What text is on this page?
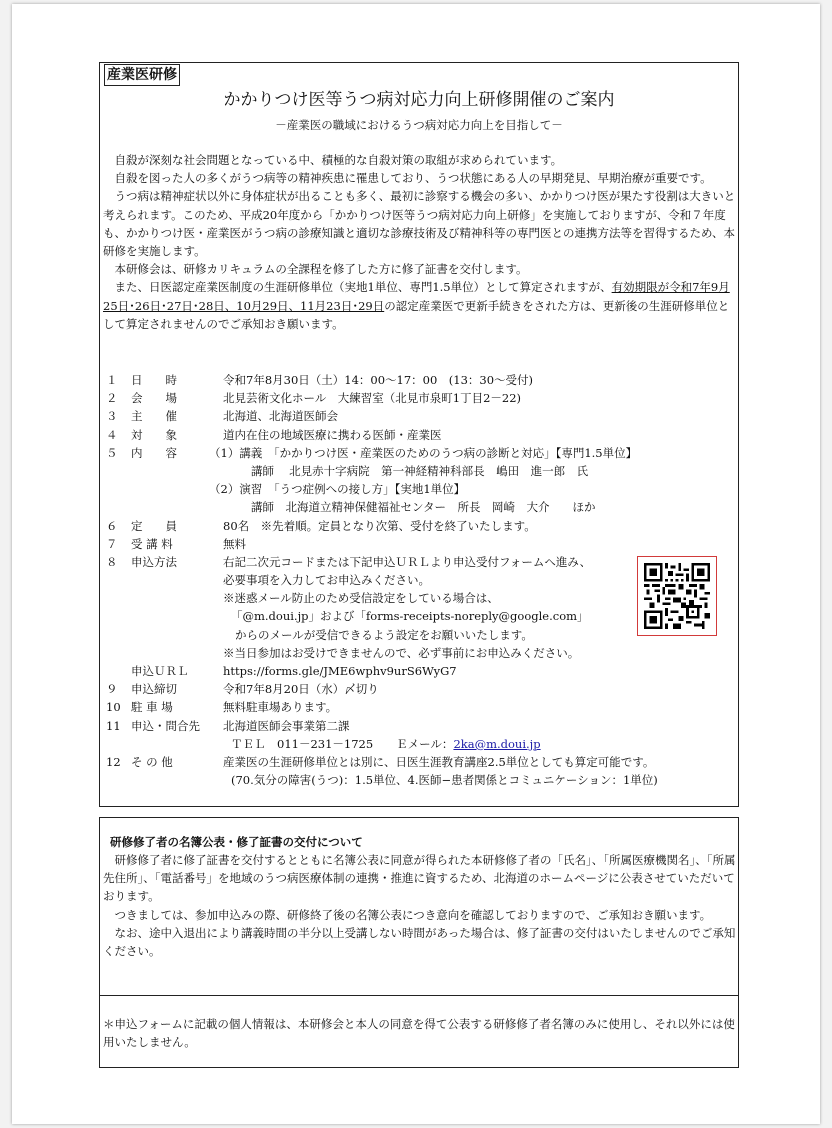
産業医研修
かかりつけ医等うつ病対応力向上研修開催のご案内
－産業医の職域におけるうつ病対応力向上を目指して－

自殺が深刻な社会問題となっている中、積極的な自殺対策の取組が求められています。

自殺を図った人の多くがうつ病等の精神疾患に罹患しており、うつ状態にある人の早期発見、早期治療が重要です。

うつ病は精神症状以外に身体症状が出ることも多く、最初に診察する機会の多い、かかりつけ医が果たす役割は大きいと考えられます。このため、平成20年度から「かかりつけ医等うつ病対応力向上研修」を実施しておりますが、令和７年度も、かかりつけ医・産業医がうつ病の診療知識と適切な診療技術及び精神科等の専門医との連携方法等を習得するため、本研修を実施します。

本研修会は、研修カリキュラムの全課程を修了した方に修了証書を交付します。

また、日医認定産業医制度の生涯研修単位（実地1単位、専門1.5単位）として算定されますが、有効期限が令和7年9月25日･26日･27日･28日、10月29日、11月23日･29日の認定産業医で更新手続きをされた方は、更新後の生涯研修単位として算定されませんのでご承知おき願います。

１ 日　　時	令和7年8月30日（土）14：00～17：00　(13：30～受付)
２ 会　　場	北見芸術文化ホール　大練習室（北見市泉町1丁目2－22)
３ 主　　催	北海道、北海道医師会
４ 対　　象	道内在住の地域医療に携わる医師・産業医
５ 内　　容	（1）講義　「かかりつけ医・産業医のためのうつ病の診断と対応」【専門1.5単位】
講師　 北見赤十字病院　第一神経精神科部長　嶋田　進一郎　氏
（2）演習　「うつ症例への接し方」【実地1単位】
講師　北海道立精神保健福祉センター　所長　岡崎　大介　　ほか
６ 定　　員	80名　※先着順。定員となり次第、受付を終了いたします。
７ 受 講 料	無料
８ 申込方法	右記二次元コードまたは下記申込ＵＲＬより申込受付フォームへ進み、
必要事項を入力してお申込みください。
※迷惑メール防止のため受信設定をしている場合は、
「@m.doui.jp」および「forms-receipts-noreply@google.com」
からのメールが受信できるよう設定をお願いいたします。
※当日参加はお受けできませんので、必ず事前にお申込みください。
申込ＵＲＬ	https://forms.gle/JME6wphv9urS6WyG7
９ 申込締切	令和7年8月20日（水）〆切り
10 駐 車 場	無料駐車場あります。
11 申込・問合先 北海道医師会事業第二課
ＴＥＬ　011－231－1725　　Ｅメール：2ka@m.doui.jp
12 そ の 他	産業医の生涯研修単位とは別に、日医生涯教育講座2.5単位としても算定可能です。
(70.気分の障害(うつ)：1.5単位、4.医師−患者関係とコミュニケーション：1単位)
研修修了者の名簿公表・修了証書の交付について

研修修了者に修了証書を交付するとともに名簿公表に同意が得られた本研修修了者の「氏名」、「所属医療機関名」、「所属先住所」、「電話番号」を地域のうつ病医療体制の連携・推進に資するため、北海道のホームページに公表させていただいております。

つきましては、参加申込みの際、研修終了後の名簿公表につき意向を確認しておりますので、ご承知おき願います。

なお、途中入退出により講義時間の半分以上受講しない時間があった場合は、修了証書の交付はいたしませんのでご承知ください。

＊申込フォームに記載の個人情報は、本研修会と本人の同意を得て公表する研修修了者名簿のみに使用し、それ以外には使用いたしません。
